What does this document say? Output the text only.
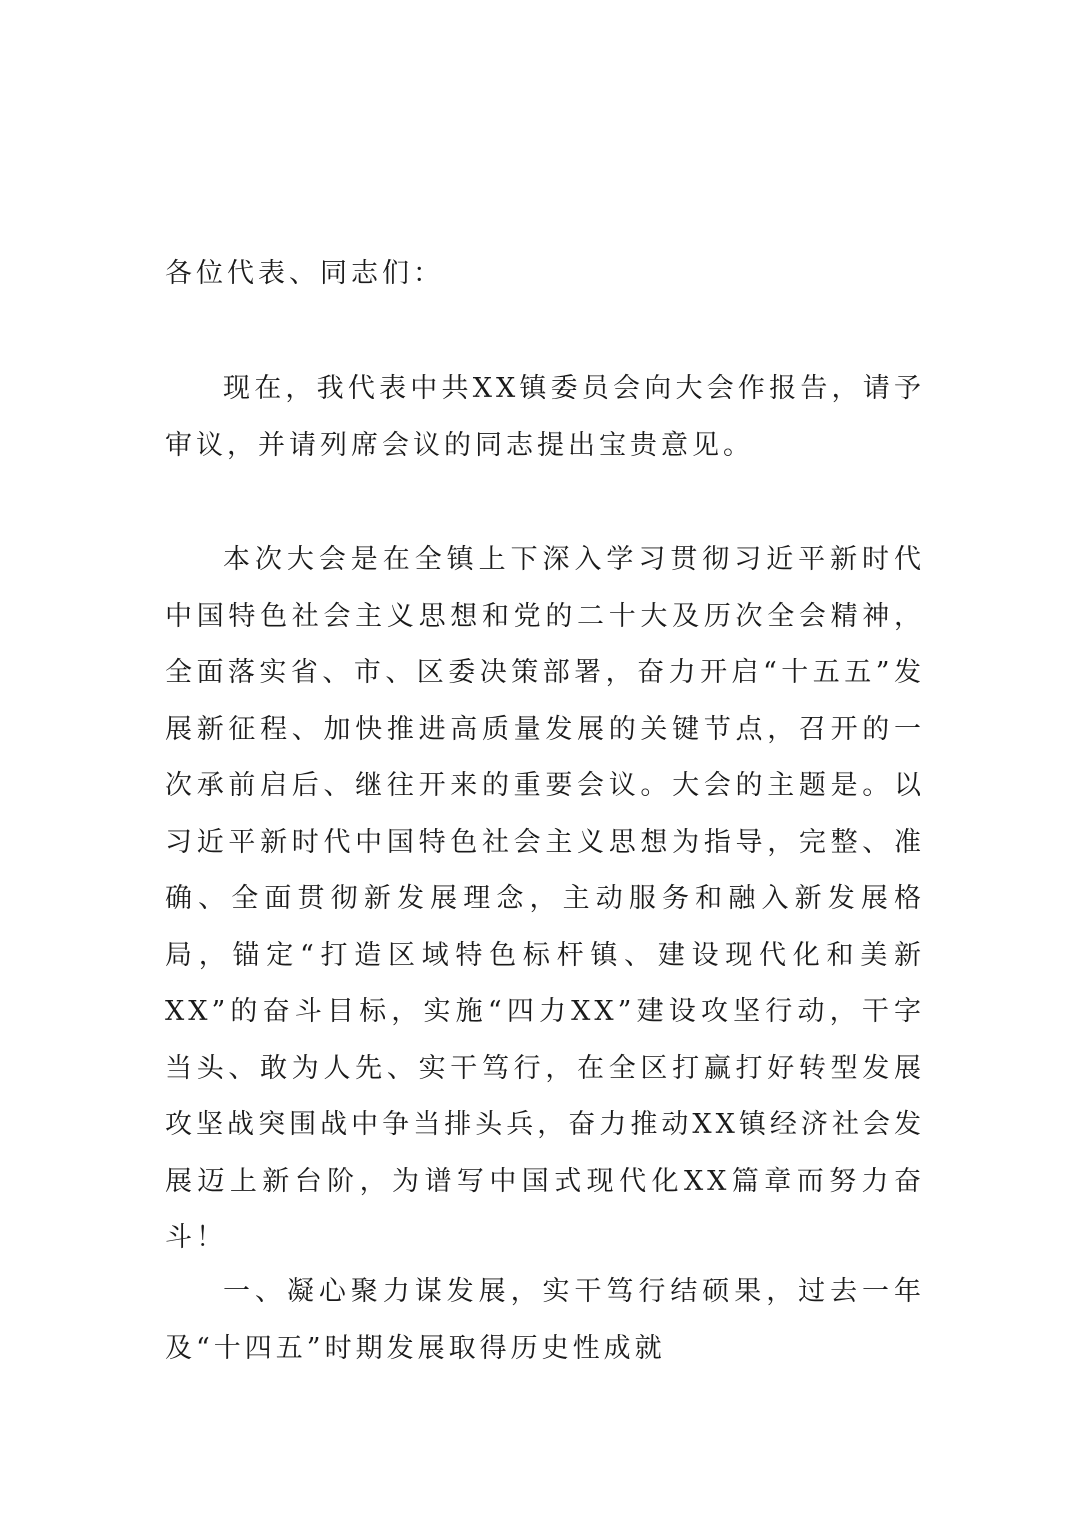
各位代表、同志们：

现在，我代表中共XX镇委员会向大会作报告，请予审议，并请列席会议的同志提出宝贵意见。

本次大会是在全镇上下深入学习贯彻习近平新时代中国特色社会主义思想和党的二十大及历次全会精神，全面落实省、市、区委决策部署，奋力开启“十五五”发展新征程、加快推进高质量发展的关键节点，召开的一次承前启后、继往开来的重要会议。大会的主题是。以习近平新时代中国特色社会主义思想为指导，完整、准确、全面贯彻新发展理念，主动服务和融入新发展格局，锚定“打造区域特色标杆镇、建设现代化和美新XX”的奋斗目标，实施“四力XX”建设攻坚行动，干字当头、敢为人先、实干笃行，在全区打赢打好转型发展攻坚战突围战中争当排头兵，奋力推动XX镇经济社会发展迈上新台阶，为谱写中国式现代化XX篇章而努力奋斗！

一、凝心聚力谋发展，实干笃行结硕果，过去一年及“十四五”时期发展取得历史性成就
